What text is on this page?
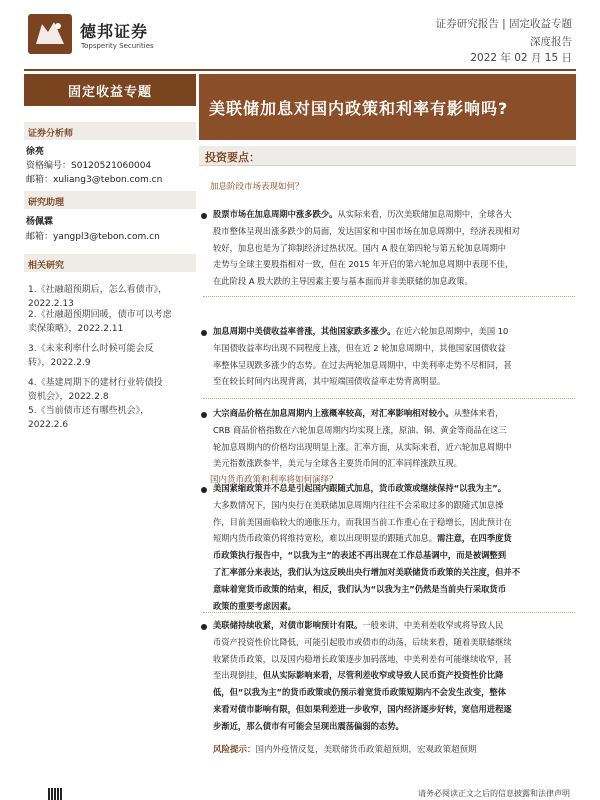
德邦证券
Topsperity Securities
证券研究报告 | 固定收益专题
深度报告
2022 年 02 月 15 日
固定收益专题
美联储加息对国内政策和利率有影响吗?
证券分析师
徐亮
资格编号：S0120521060004
邮箱：xuliang3@tebon.com.cn
研究助理
杨佩霖
邮箱：yangpl3@tebon.com.cn
相关研究
1.《社融超预期后，怎么看债市》，
2022.2.13
2.《社融超预期回暖，债市可以考虑
卖保策略》，2022.2.11
3.《未来利率什么时候可能会反
转》，2022.2.9
4.《基建周期下的建材行业转债投
资机会》，2022.2.8
5.《当前债市还有哪些机会》，
2022.2.6
投资要点：
加息阶段市场表现如何？
股票市场在加息周期中涨多跌少。从实际来看，历次美联储加息周期中，全球各大
股市整体呈现出涨多跌少的局面，发达国家和中国市场在加息周期中，经济表现相对
较好，加息也是为了抑制经济过热状况。国内 A 股在第四轮与第五轮加息周期中
走势与全球主要股指相对一致，但在 2015 年开启的第六轮加息周期中表现不佳，
在此阶段 A 股大跌的主导因素主要与基本面而并非美联储的加息政策。
加息周期中美债收益率普涨，其他国家跌多涨少。在近六轮加息周期中，美国 10
年国债收益率均出现不同程度上涨，但在近 2 轮加息周期中，其他国家国债收益
率整体呈现跌多涨少的态势。在过去两轮加息周期中，中美利率走势不尽相同，甚
至在较长时间内出现背离，其中短端国债收益率走势背离明显。
大宗商品价格在加息周期内上涨概率较高，对汇率影响相对较小。从整体来看，
CRB 商品价格指数在六轮加息周期内均实现上涨，原油、铜、黄金等商品在这三
轮加息周期内的价格均出现明显上涨。汇率方面，从实际来看，近六轮加息周期中
美元指数涨跌参半，美元与全球各主要货币间的汇率同样涨跌互现。
国内货币政策和利率将如何演绎？
美国紧缩政策并不总是引起国内跟随式加息，货币政策或继续保持“以我为主”。
大多数情况下，国内央行在美联储加息周期内往往不会采取过多的跟随式加息操
作，目前美国面临较大的通胀压力，而我国当前工作重心在于稳增长，因此预计在
短期内货币政策仍将维持宽松，难以出现明显的跟随式加息。需注意，在四季度货
币政策执行报告中，“以我为主”的表述不再出现在工作总基调中，而是被调整到
了汇率部分来表达，我们认为这反映出央行增加对美联储货币政策的关注度，但并不
意味着宽货币政策的结束，相反，我们认为“以我为主”仍然是当前央行采取货币
政策的重要考虑因素。
美联储持续收紧，对债市影响预计有限。一般来讲，中美利差收窄或将导致人民
币资产投资性价比降低，可能引起股市或债市的动荡，后续来看，随着美联储继续
收紧货币政策，以及国内稳增长政策逐步加码落地，中美利差有可能继续收窄，甚
至出现倒挂，但从实际影响来看，尽管利差收窄或导致人民币资产投资性价比降
低，但“以我为主”的货币政策或仍预示着宽货币政策短期内不会发生改变，整体
来看对债市影响有限，但如果利差进一步收窄，国内经济逐步好转，宽信用进程逐
步渐近，那么债市有可能会呈现出震荡偏弱的态势。
风险提示：国内外疫情反复，美联储货币政策超预期，宏观政策超预期
请务必阅读正文之后的信息披露和法律声明
